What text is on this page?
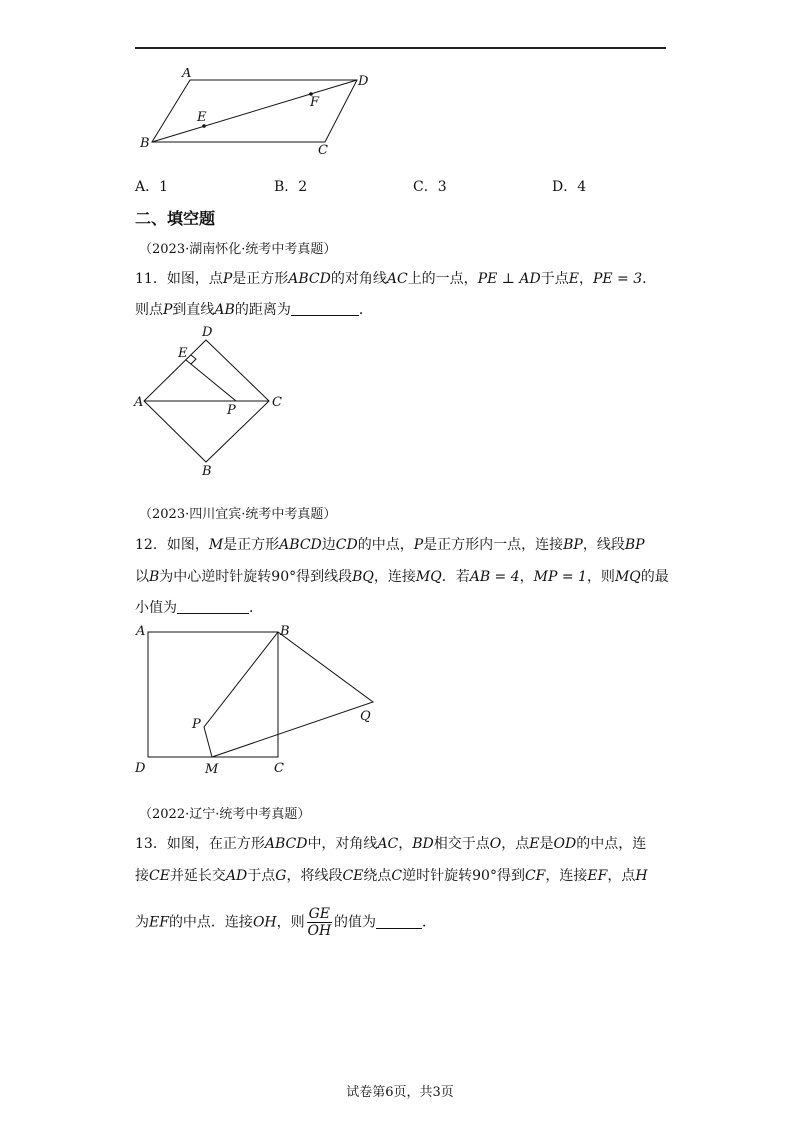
A
D
B	C
E
F
A．1	B．2	C．3	D．4
二、填空题
（2023·湖南怀化·统考中考真题）
11．如图，点P是正方形ABCD的对角线AC上的一点，PE ⊥ AD于点E，PE = 3．
则点P到直线AB的距离为	．
D
E
A
P
C
B
（2023·四川宜宾·统考中考真题）
12．如图，M是正方形ABCD边CD的中点，P是正方形内一点，连接BP，线段BP
以B为中心逆时针旋转90°得到线段BQ，连接MQ．若AB = 4，MP = 1，则MQ的最
小值为	．
A	B
P
Q
D	M	C
（2022·辽宁·统考中考真题）
13．如图，在正方形ABCD中，对角线AC，BD相交于点O，点E是OD的中点，连
接CE并延长交AD于点G，将线段CE绕点C逆时针旋转90°得到CF，连接EF，点H
为EF的中点．连接OH，则 $\frac{GE}{OH}$ 的值为	．
试卷第6页，共3页
